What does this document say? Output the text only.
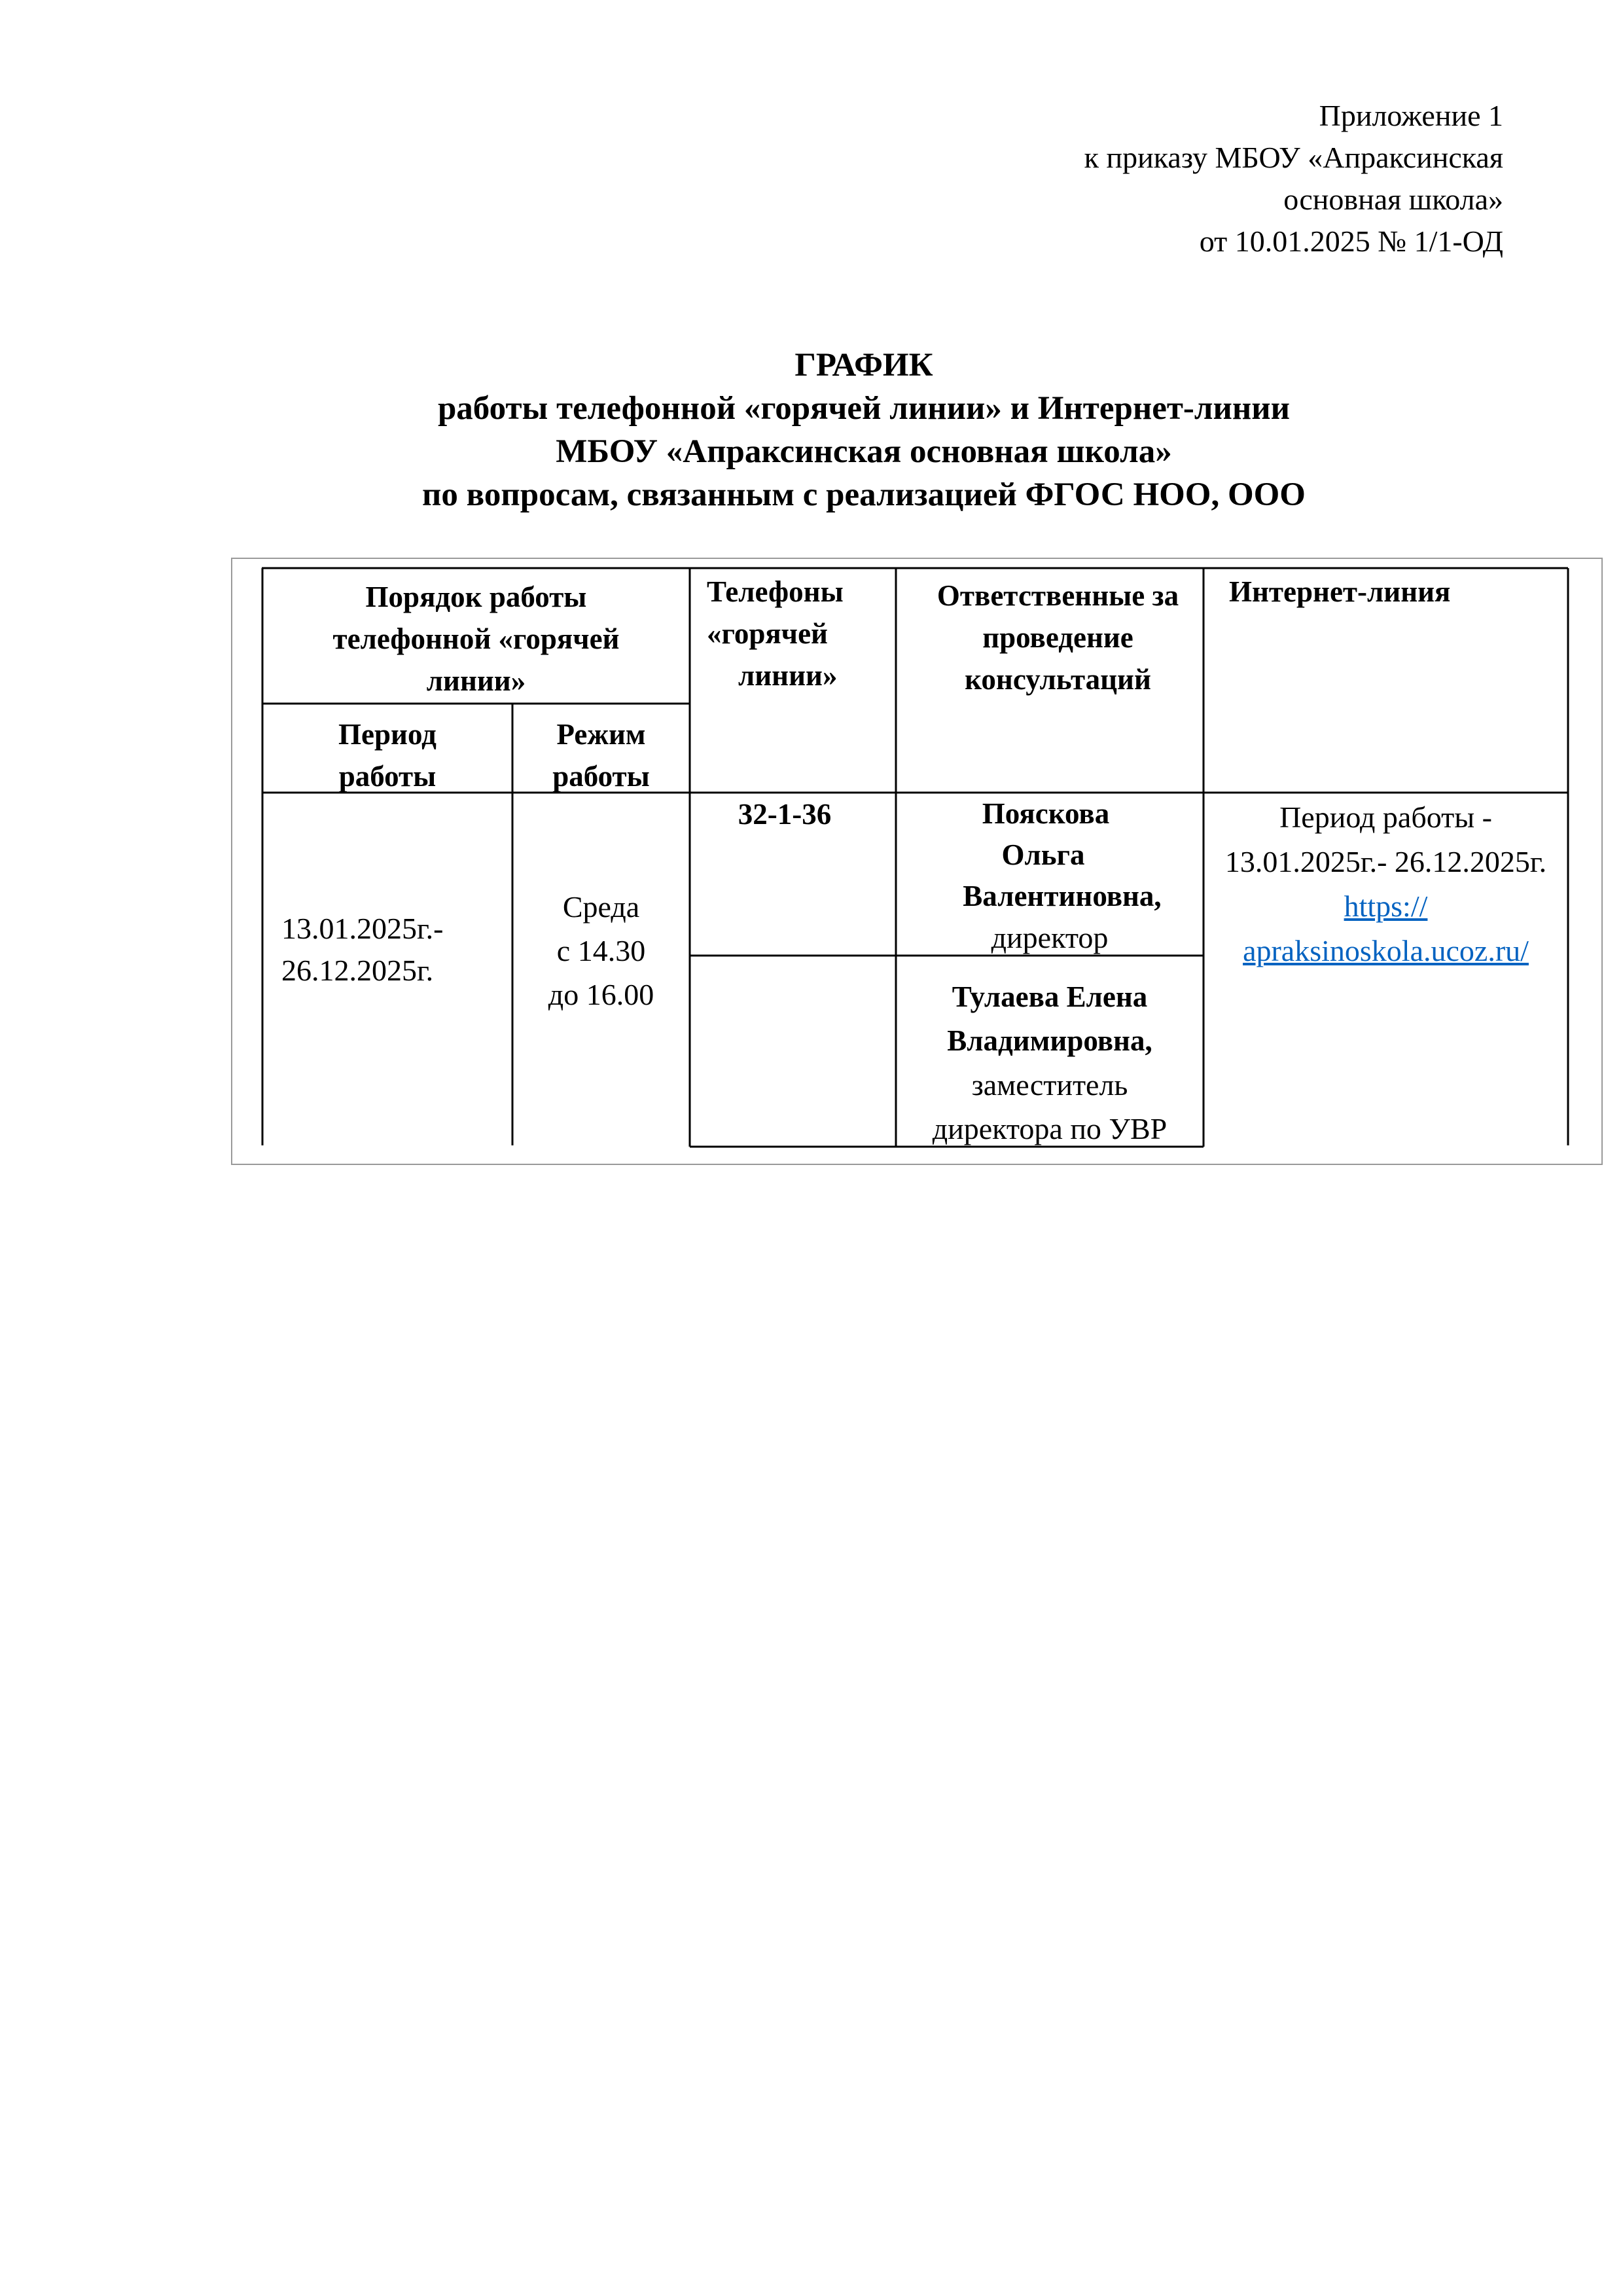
Приложение 1
к приказу МБОУ «Апраксинская
основная школа»
от 10.01.2025 № 1/1-ОД
ГРАФИК
работы телефонной «горячей линии» и Интернет-линии
МБОУ «Апраксинская основная школа»
по вопросам, связанным с реализацией ФГОС НОО, ООО
Порядок работы
телефонной «горячей
линии»
Телефоны
«горячей
линии»
Ответственные за
проведение
консультаций
Интернет-линия
Период
работы
Режим
работы
13.01.2025г.-
26.12.2025г.
Среда
с 14.30
до 16.00
32-1-36	Пояскова
Ольга
Валентиновна,
директор
Тулаева Елена
Владимировна,
заместитель
директора по УВР
Период работы -
13.01.2025г.- 26.12.2025г.
https://
apraksinoskola.ucoz.ru/
